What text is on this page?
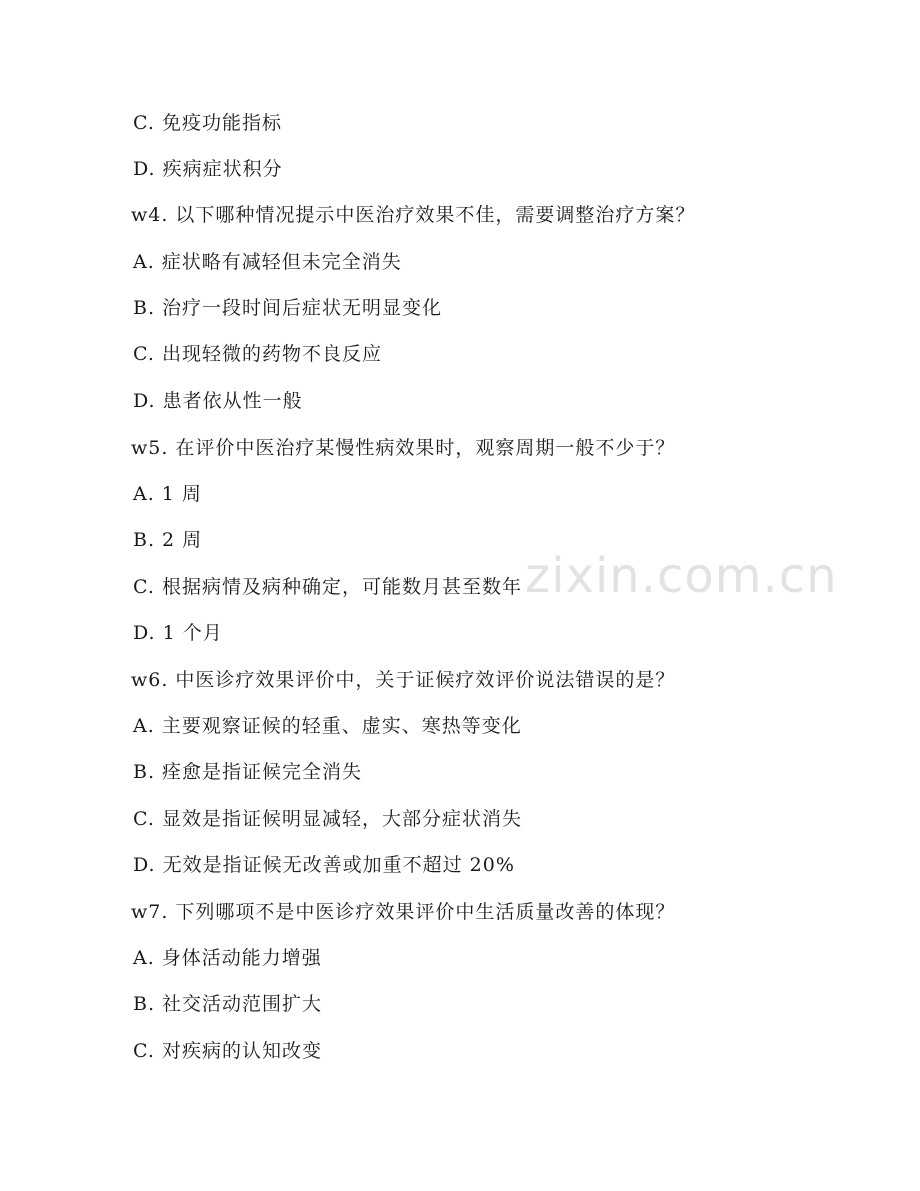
C. 免疫功能指标
D. 疾病症状积分
w4. 以下哪种情况提示中医治疗效果不佳，需要调整治疗方案？
A. 症状略有减轻但未完全消失
B. 治疗一段时间后症状无明显变化
C. 出现轻微的药物不良反应
D. 患者依从性一般
w5. 在评价中医治疗某慢性病效果时，观察周期一般不少于？
A. 1 周
B. 2 周
C. 根据病情及病种确定，可能数月甚至数年
D. 1 个月
w6. 中医诊疗效果评价中，关于证候疗效评价说法错误的是？
A. 主要观察证候的轻重、虚实、寒热等变化
B. 痊愈是指证候完全消失
C. 显效是指证候明显减轻，大部分症状消失
D. 无效是指证候无改善或加重不超过 20%
w7. 下列哪项不是中医诊疗效果评价中生活质量改善的体现？
A. 身体活动能力增强
B. 社交活动范围扩大
C. 对疾病的认知改变
zixin.com.cn
